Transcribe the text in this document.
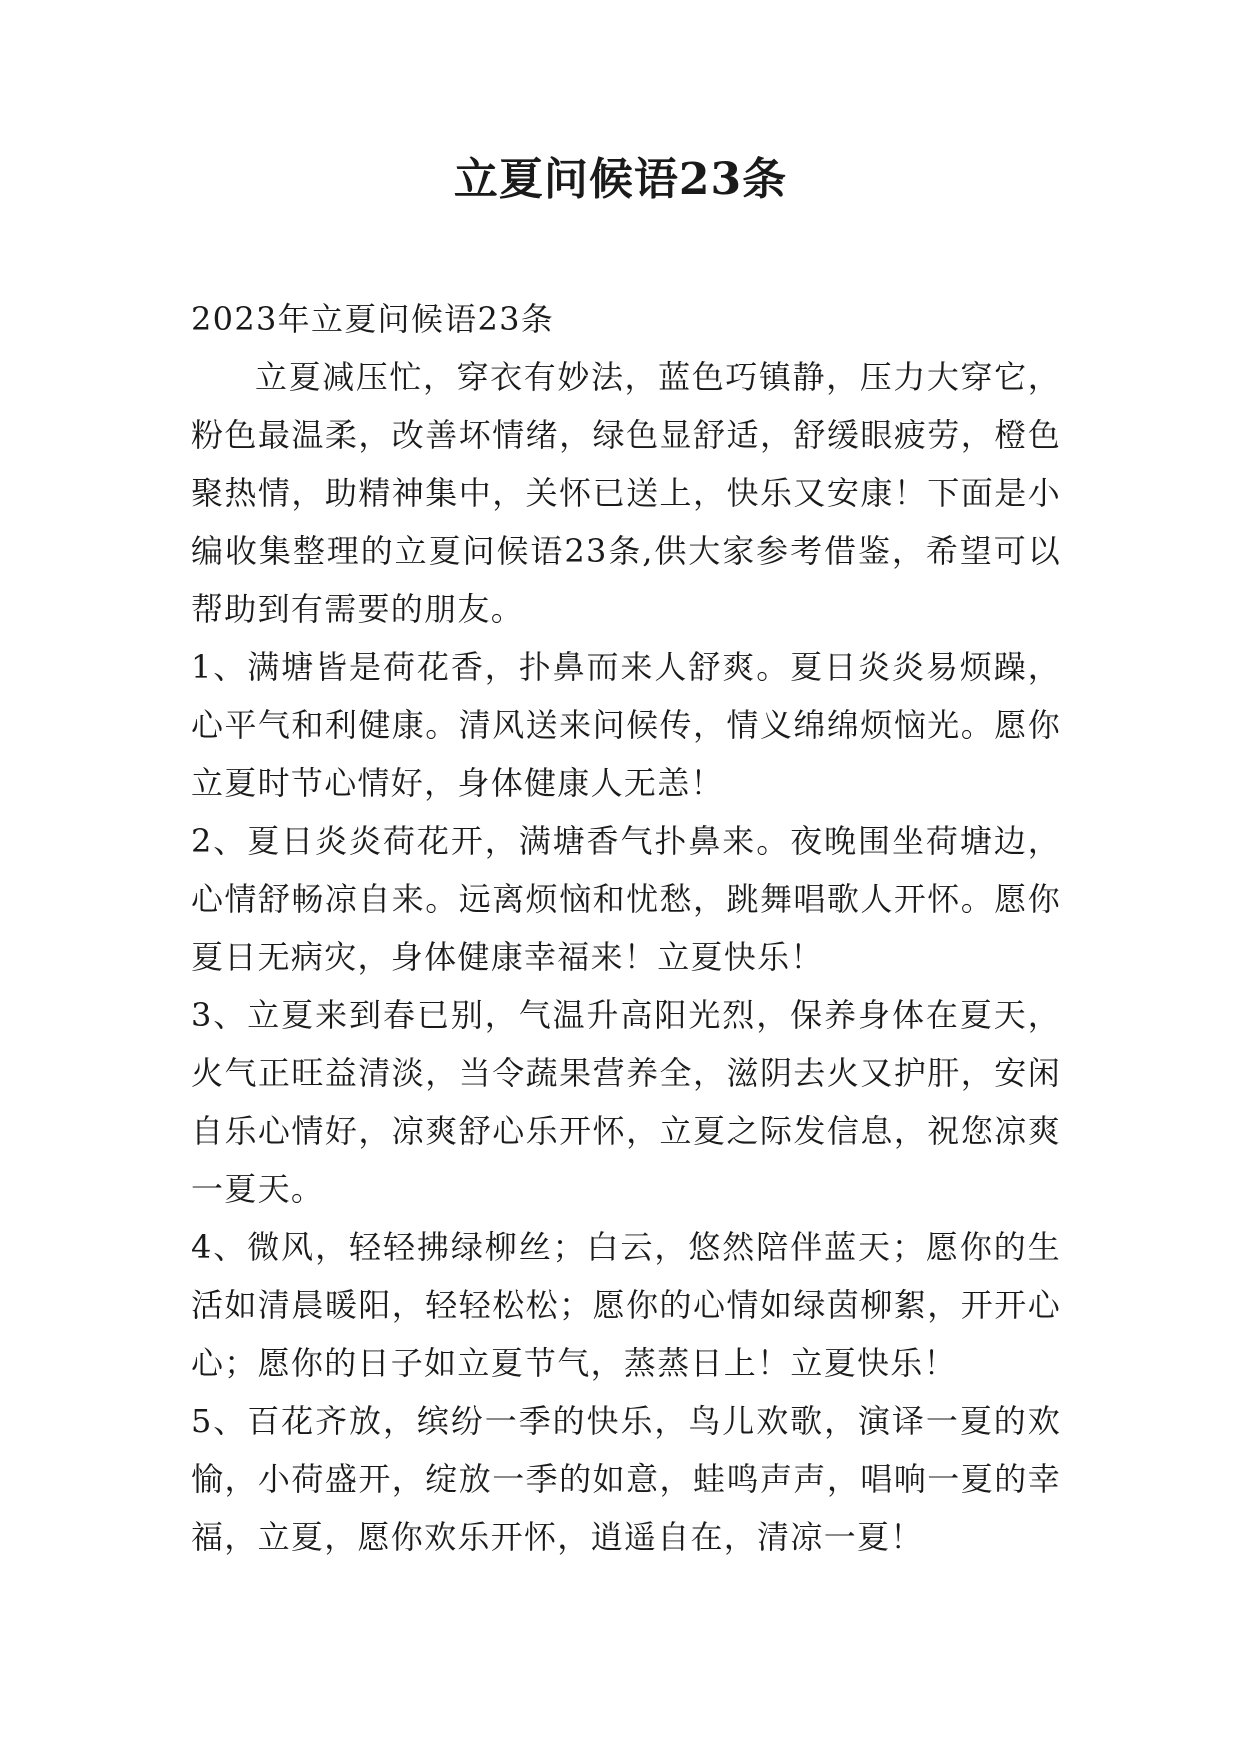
立夏问候语23条

2023年立夏问候语23条

立夏减压忙，穿衣有妙法，蓝色巧镇静，压力大穿它，粉色最温柔，改善坏情绪，绿色显舒适，舒缓眼疲劳，橙色聚热情，助精神集中，关怀已送上，快乐又安康！下面是小编收集整理的立夏问候语23条,供大家参考借鉴，希望可以帮助到有需要的朋友。

1、满塘皆是荷花香，扑鼻而来人舒爽。夏日炎炎易烦躁，心平气和利健康。清风送来问候传，情义绵绵烦恼光。愿你立夏时节心情好，身体健康人无恙！

2、夏日炎炎荷花开，满塘香气扑鼻来。夜晚围坐荷塘边，心情舒畅凉自来。远离烦恼和忧愁，跳舞唱歌人开怀。愿你夏日无病灾，身体健康幸福来！立夏快乐！

3、立夏来到春已别，气温升高阳光烈，保养身体在夏天，火气正旺益清淡，当令蔬果营养全，滋阴去火又护肝，安闲自乐心情好，凉爽舒心乐开怀，立夏之际发信息，祝您凉爽一夏天。

4、微风，轻轻拂绿柳丝；白云，悠然陪伴蓝天；愿你的生活如清晨暖阳，轻轻松松；愿你的心情如绿茵柳絮，开开心心；愿你的日子如立夏节气，蒸蒸日上！立夏快乐！

5、百花齐放，缤纷一季的快乐，鸟儿欢歌，演译一夏的欢愉，小荷盛开，绽放一季的如意，蛙鸣声声，唱响一夏的幸福，立夏，愿你欢乐开怀，逍遥自在，清凉一夏！
